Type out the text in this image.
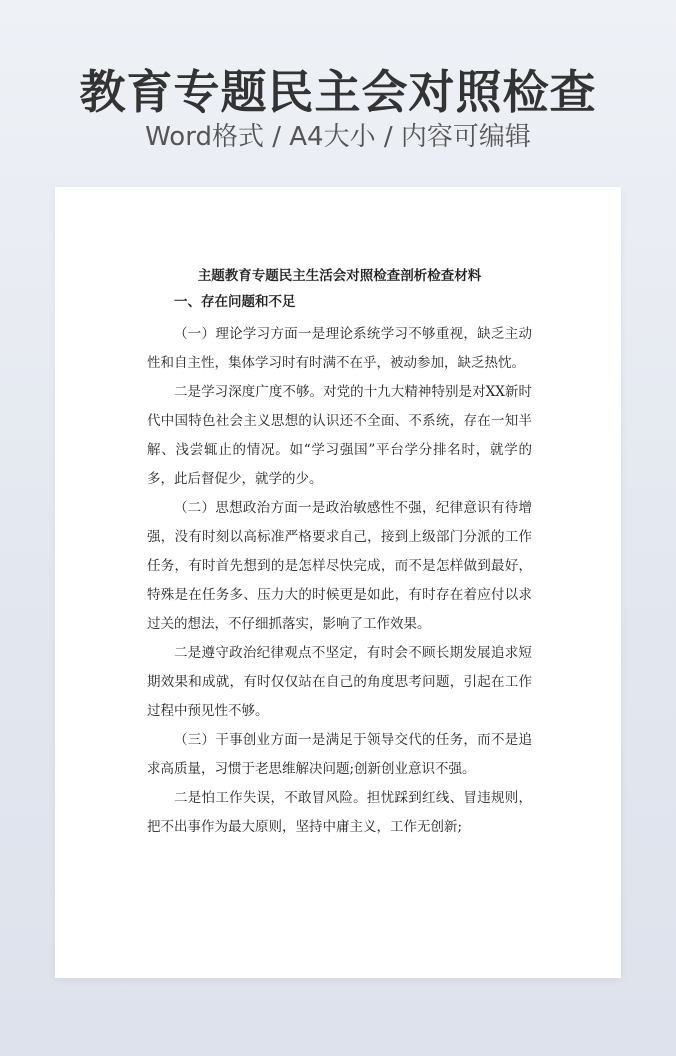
教育专题民主会对照检查
Word格式 / A4大小 / 内容可编辑
主题教育专题民主生活会对照检查剖析检查材料
一、存在问题和不足

（一）理论学习方面一是理论系统学习不够重视，缺乏主动性和自主性，集体学习时有时满不在乎，被动参加，缺乏热忱。

二是学习深度广度不够。对党的十九大精神特别是对XX新时代中国特色社会主义思想的认识还不全面、不系统，存在一知半解、浅尝辄止的情况。如“学习强国”平台学分排名时，就学的多，此后督促少，就学的少。

（二）思想政治方面一是政治敏感性不强，纪律意识有待增强，没有时刻以高标准严格要求自己，接到上级部门分派的工作任务，有时首先想到的是怎样尽快完成，而不是怎样做到最好，特殊是在任务多、压力大的时候更是如此，有时存在着应付以求过关的想法，不仔细抓落实，影响了工作效果。

二是遵守政治纪律观点不坚定，有时会不顾长期发展追求短期效果和成就，有时仅仅站在自己的角度思考问题，引起在工作过程中预见性不够。

（三）干事创业方面一是满足于领导交代的任务，而不是追求高质量，习惯于老思维解决问题;创新创业意识不强。

二是怕工作失误，不敢冒风险。担忧踩到红线、冒违规则，把不出事作为最大原则，坚持中庸主义，工作无创新;
